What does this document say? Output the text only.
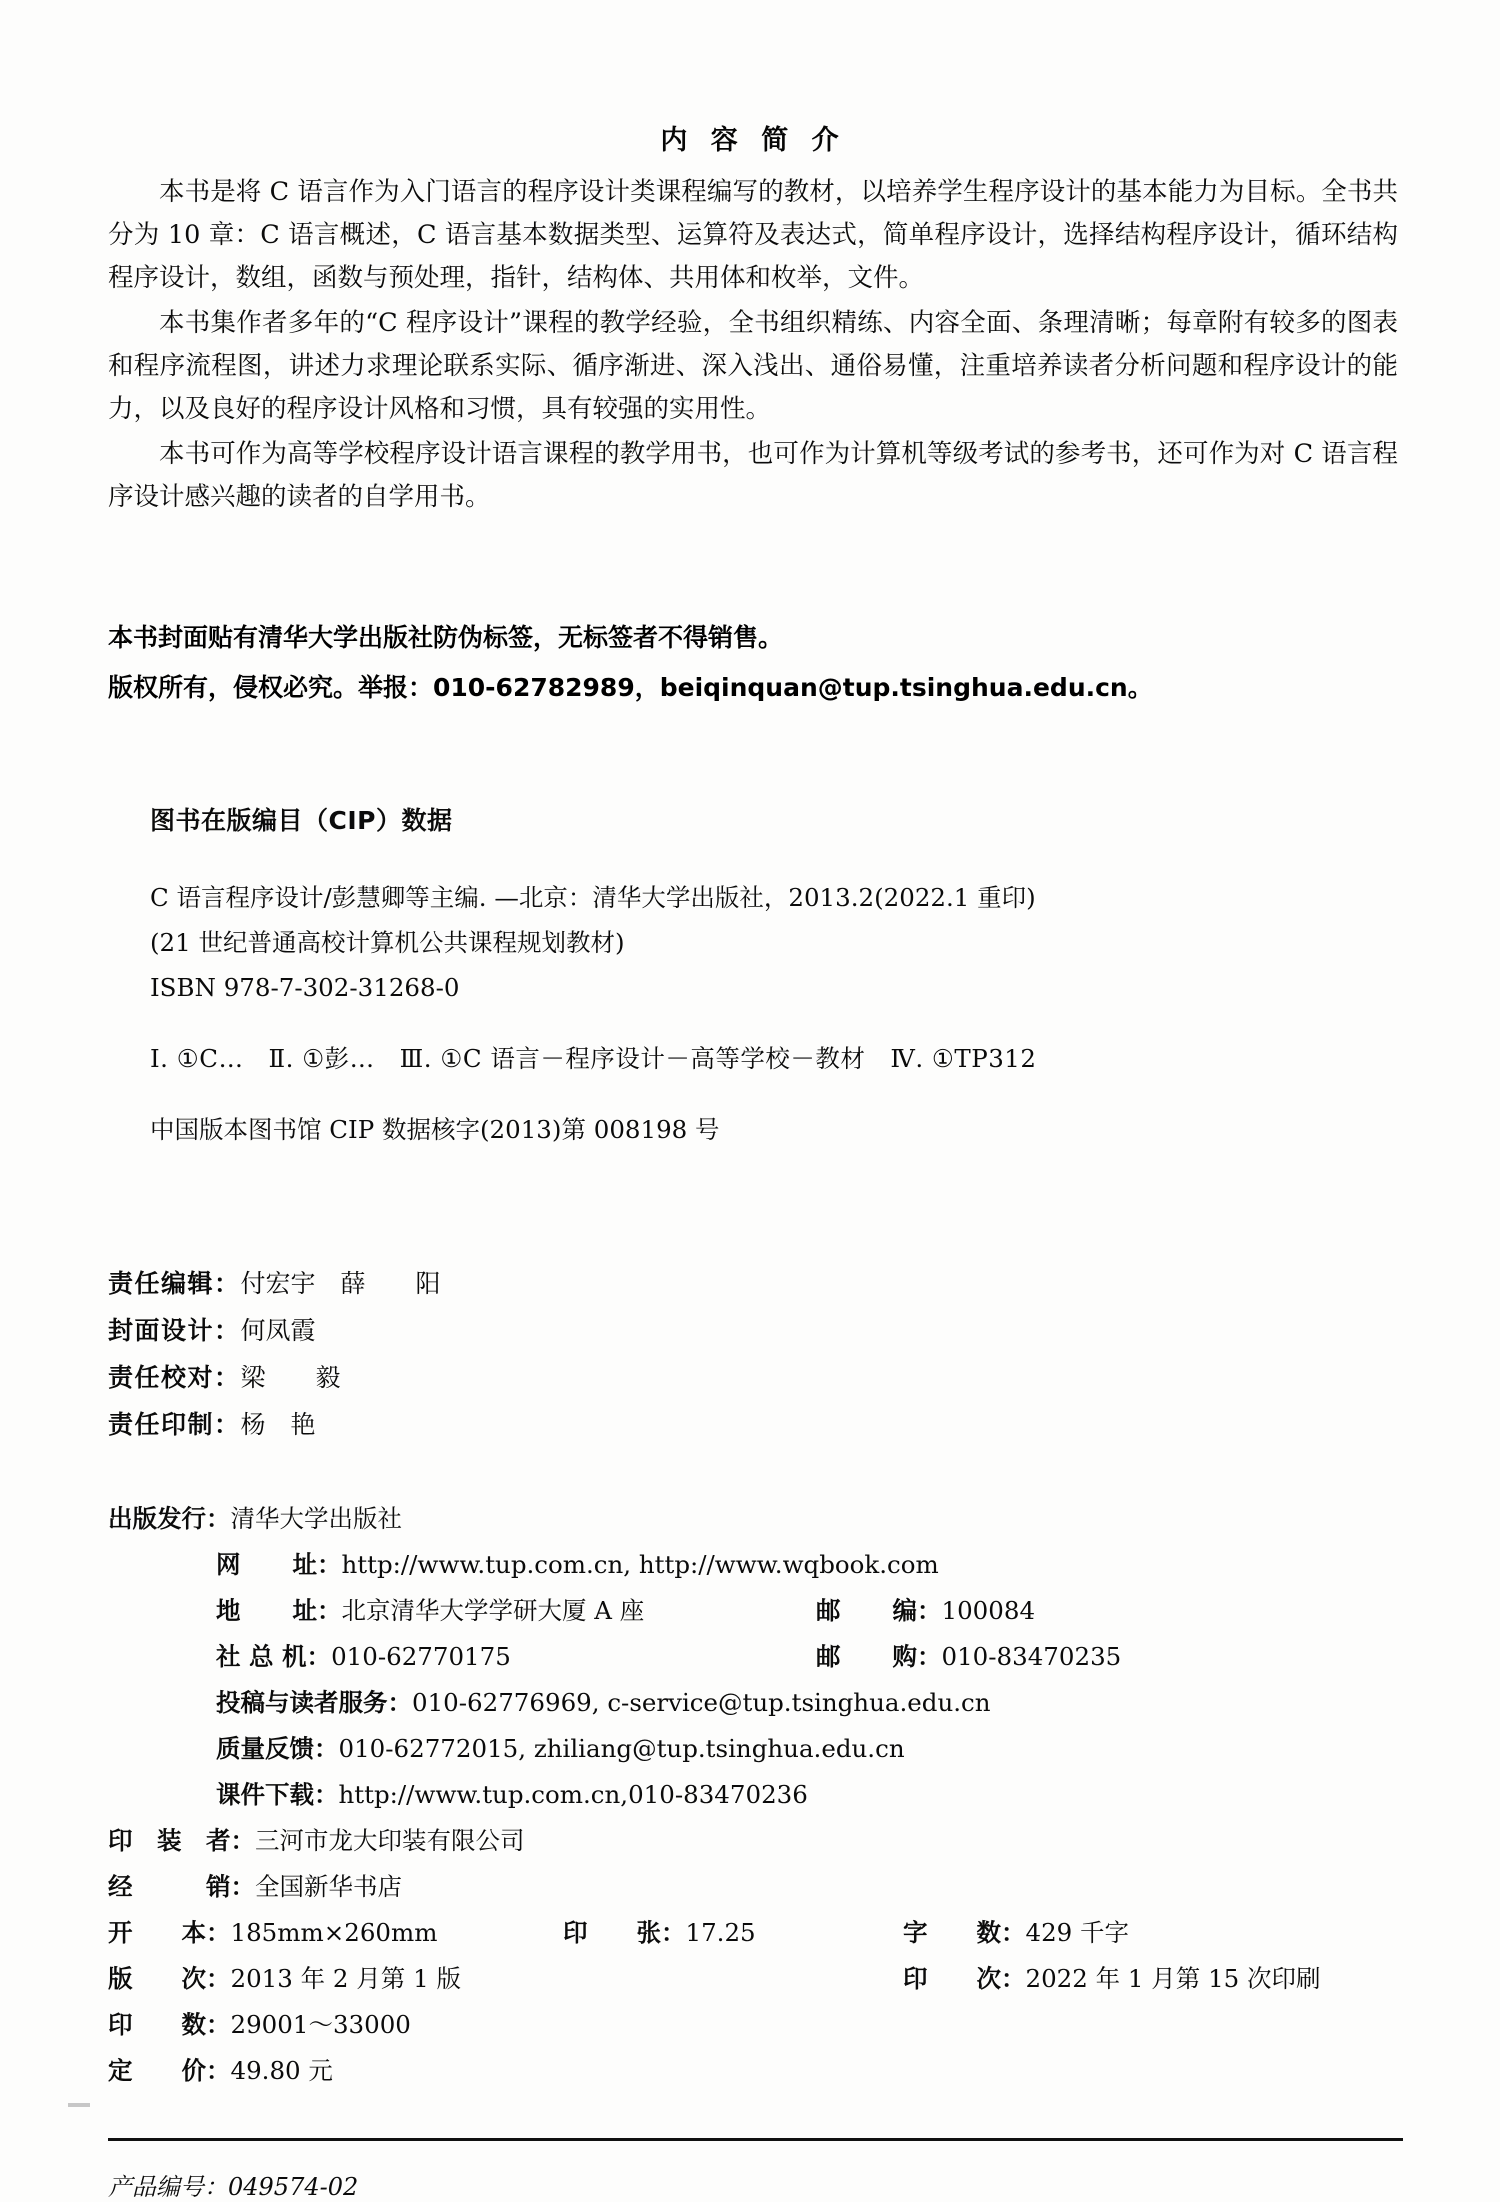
内 容 简 介

本书是将 C 语言作为入门语言的程序设计类课程编写的教材，以培养学生程序设计的基本能力为目标。全书共分为 10 章：C 语言概述，C 语言基本数据类型、运算符及表达式，简单程序设计，选择结构程序设计，循环结构程序设计，数组，函数与预处理，指针，结构体、共用体和枚举，文件。

本书集作者多年的“C 程序设计”课程的教学经验，全书组织精练、内容全面、条理清晰；每章附有较多的图表和程序流程图，讲述力求理论联系实际、循序渐进、深入浅出、通俗易懂，注重培养读者分析问题和程序设计的能力，以及良好的程序设计风格和习惯，具有较强的实用性。

本书可作为高等学校程序设计语言课程的教学用书，也可作为计算机等级考试的参考书，还可作为对 C 语言程序设计感兴趣的读者的自学用书。

本书封面贴有清华大学出版社防伪标签，无标签者不得销售。
版权所有，侵权必究。举报：010-62782989，beiqinquan@tup.tsinghua.edu.cn。
图书在版编目（CIP）数据
C 语言程序设计/彭慧卿等主编. —北京：清华大学出版社，2013.2(2022.1 重印)
(21 世纪普通高校计算机公共课程规划教材)
ISBN 978-7-302-31268-0
Ⅰ. ①C…　Ⅱ. ①彭…　Ⅲ. ①C 语言－程序设计－高等学校－教材　Ⅳ. ①TP312
中国版本图书馆 CIP 数据核字(2013)第 008198 号
责任编辑：付宏宇　薛　　阳
封面设计：何凤霞
责任校对：梁　　毅
责任印制：杨　艳
出版发行：清华大学出版社
网 址：http://www.tup.com.cn, http://www.wqbook.com
地 址：北京清华大学学研大厦 A 座	邮 编：100084
社 总 机：010-62770175	邮 购：010-83470235
投稿与读者服务：010-62776969, c-service@tup.tsinghua.edu.cn
质量反馈：010-62772015, zhiliang@tup.tsinghua.edu.cn
课件下载：http://www.tup.com.cn,010-83470236
印　装　者：三河市龙大印装有限公司
经　　　销：全国新华书店
开　　本：185mm×260mm	印　　张：17.25	字　　数：429 千字
版　　次：2013 年 2 月第 1 版	印　　次：2022 年 1 月第 15 次印刷
印　　数：29001～33000
定　　价：49.80 元
产品编号：049574-02
